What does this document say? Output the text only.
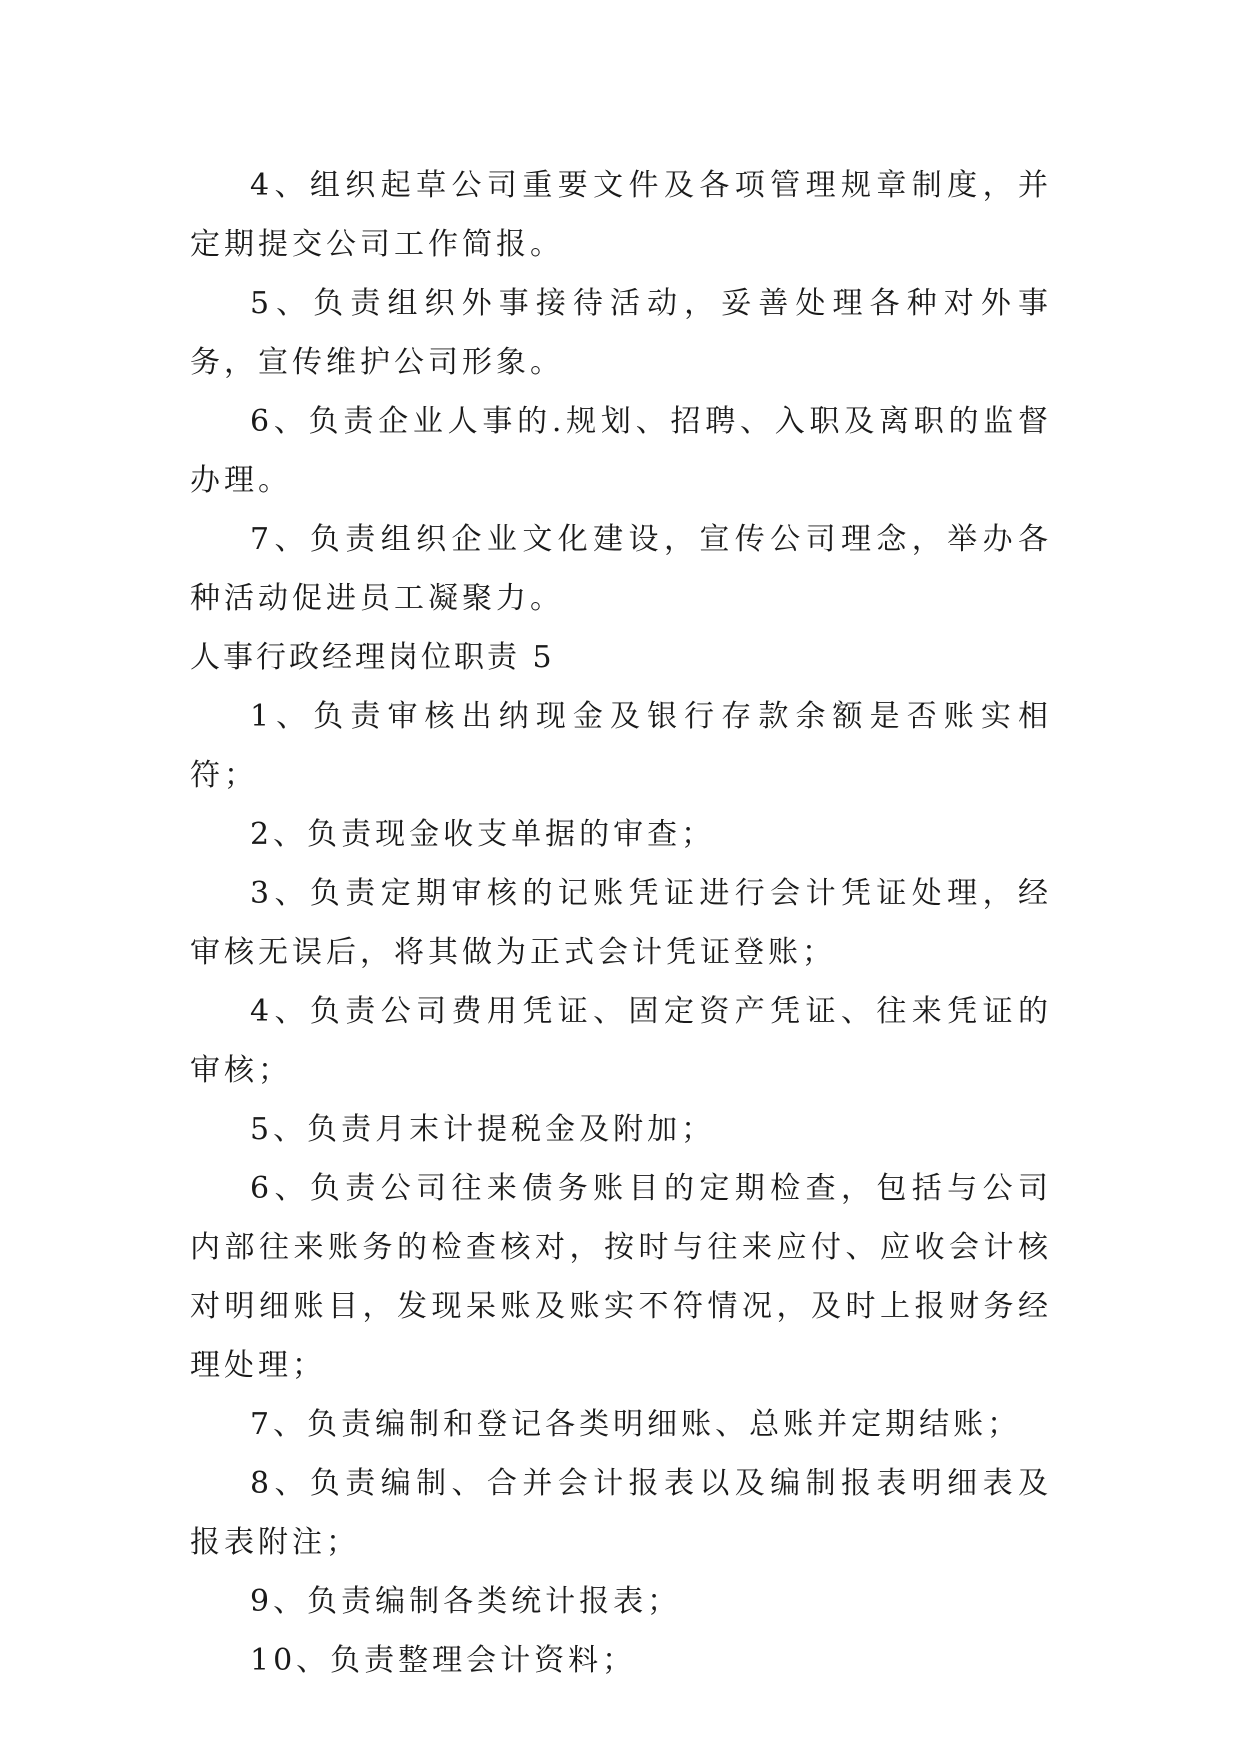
4、组织起草公司重要文件及各项管理规章制度，并定期提交公司工作简报。

5、负责组织外事接待活动，妥善处理各种对外事务，宣传维护公司形象。

6、负责企业人事的.规划、招聘、入职及离职的监督办理。

7、负责组织企业文化建设，宣传公司理念，举办各种活动促进员工凝聚力。

人事行政经理岗位职责 5

1、负责审核出纳现金及银行存款余额是否账实相符；

2、负责现金收支单据的审查；

3、负责定期审核的记账凭证进行会计凭证处理，经审核无误后，将其做为正式会计凭证登账；

4、负责公司费用凭证、固定资产凭证、往来凭证的审核；

5、负责月末计提税金及附加；

6、负责公司往来债务账目的定期检查，包括与公司内部往来账务的检查核对，按时与往来应付、应收会计核对明细账目，发现呆账及账实不符情况，及时上报财务经理处理；

7、负责编制和登记各类明细账、总账并定期结账；

8、负责编制、合并会计报表以及编制报表明细表及报表附注；

9、负责编制各类统计报表；

10、负责整理会计资料；
